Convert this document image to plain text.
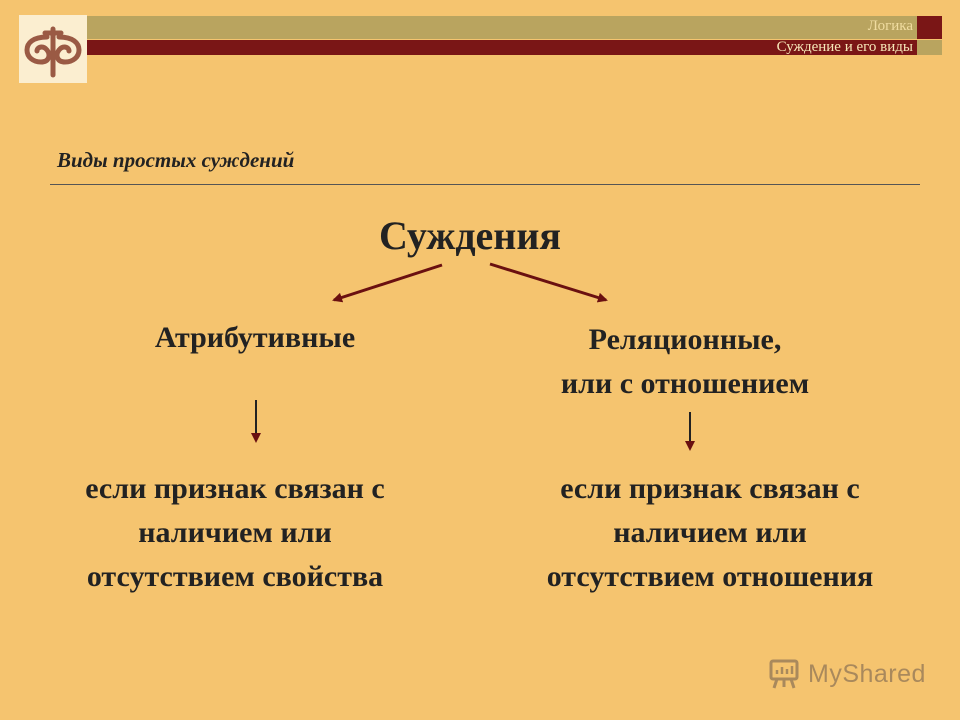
Логика
Суждение и его виды
Виды простых суждений
Суждения
Атрибутивные
если признак связан с
наличием или
отсутствием свойства
Реляционные,
или с отношением
если признак связан с
наличием или
отсутствием отношения
MyShared
